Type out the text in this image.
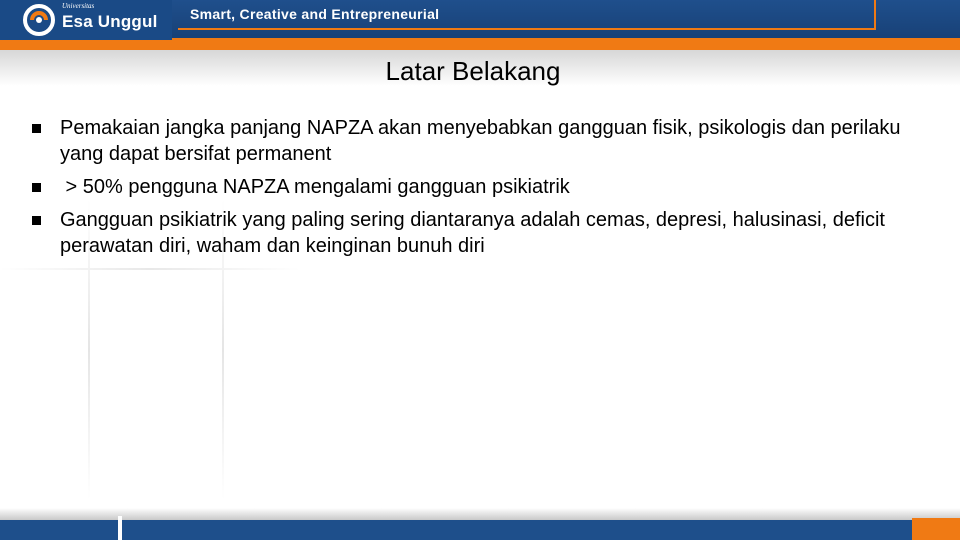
Universitas
Esa Unggul Smart, Creative and Entrepreneurial
Latar Belakang
Pemakaian jangka panjang NAPZA akan menyebabkan gangguan fisik, psikologis dan perilaku yang dapat bersifat permanent
> 50% pengguna NAPZA mengalami gangguan psikiatrik
Gangguan psikiatrik yang paling sering diantaranya adalah cemas, depresi, halusinasi, deficit perawatan diri, waham dan keinginan bunuh diri
